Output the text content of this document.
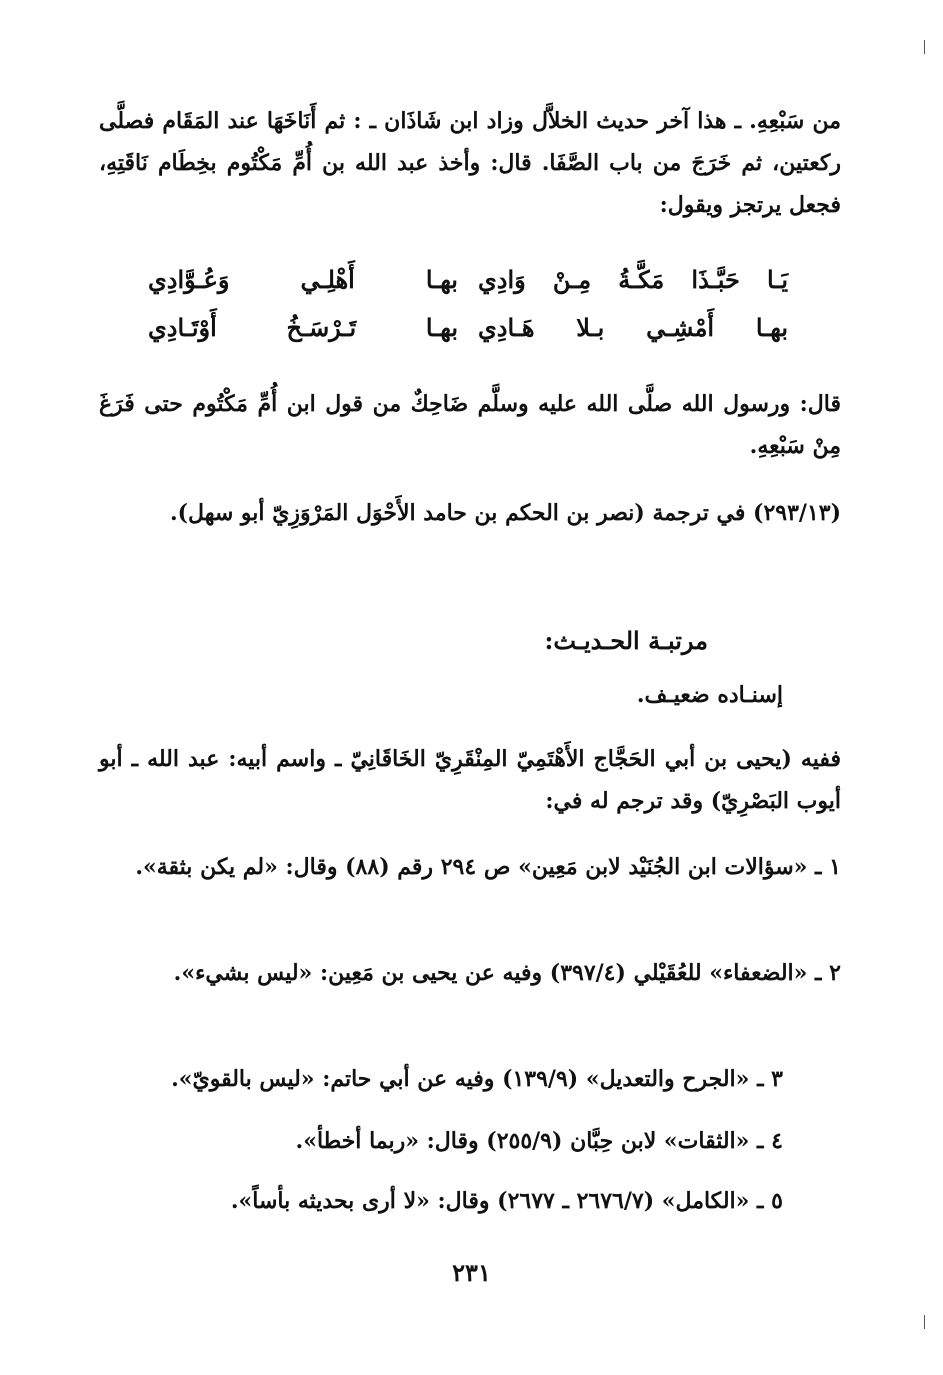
من سَبْعِهِ. ـ هذا آخر حديث الخلاَّل وزاد ابن شَاذَان ـ : ثم أَنَاخَهَا عند المَقَام فصلَّى ركعتين، ثم خَرَجَ من باب الصَّفَا. قال: وأخذ عبد الله بن أُمِّ مَكْتُوم بخِطَام نَاقَتِهِ، فجعل يرتجز ويقول:

يَـا حَبَّـذَا مَكَّـةُ مِـنْ وَادِي
بهـا أَهْلِـي وَعُـوَّادِي
بهـا أَمْشِـي بـلا هَـادِي
بهـا تَـرْسَـخُ أَوْتَـادِي

قال: ورسول الله صلَّى الله عليه وسلَّم ضَاحِكٌ من قول ابن أُمِّ مَكْتُوم حتى فَرَغَ مِنْ سَبْعِهِ.

(٢٩٣/١٣) في ترجمة (نصر بن الحكم بن حامد الأَحْوَل المَرْوَزِيّ أبو سهل).

مرتبـة الحـديـث:
إسنـاده ضعيـف.

ففيه (يحيى بن أبي الحَجَّاج الأَهْتَمِيّ المِنْقَرِيّ الخَاقَانِيّ ـ واسم أبيه: عبد الله ـ أبو أيوب البَصْرِيّ) وقد ترجم له في:

١ ـ «سؤالات ابن الجُنَيْد لابن مَعِين» ص ٢٩٤ رقم (٨٨) وقال: «لم يكن بثقة».
٢ ـ «الضعفاء» للعُقَيْلي (٣٩٧/٤) وفيه عن يحيى بن مَعِين: «ليس بشيء».
٣ ـ «الجرح والتعديل» (١٣٩/٩) وفيه عن أبي حاتم: «ليس بالقويّ».
٤ ـ «الثقات» لابن حِبَّان (٢٥٥/٩) وقال: «ربما أخطأ».
٥ ـ «الكامل» (٢٦٧٦/٧ ـ ٢٦٧٧) وقال: «لا أرى بحديثه بأساً».
٢٣١
